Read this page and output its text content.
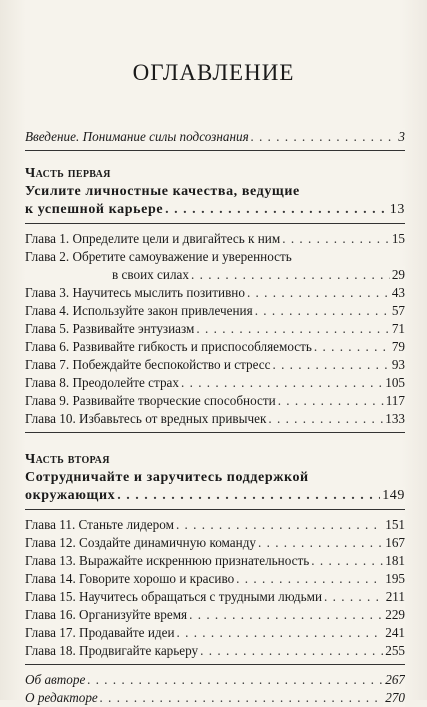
ОГЛАВЛЕНИЕ
Введение. Понимание силы подсознания . . .	3
Часть первая
Усилите личностные качества, ведущие
к успешной карьере . . .	13
Глава 1. Определите цели и двигайтесь к ним . . .	15
Глава 2. Обретите самоуважение и уверенность
в своих силах . . .	29
Глава 3. Научитесь мыслить позитивно . . .	43
Глава 4. Используйте закон привлечения . . .	57
Глава 5. Развивайте энтузиазм . . .	71
Глава 6. Развивайте гибкость и приспособляемость . . .	79
Глава 7. Побеждайте беспокойство и стресс . . .	93
Глава 8. Преодолейте страх . . .	105
Глава 9. Развивайте творческие способности . . .	117
Глава 10. Избавьтесь от вредных привычек . . .	133
Часть вторая
Сотрудничайте и заручитесь поддержкой
окружающих . . .	149
Глава 11. Станьте лидером . . .	151
Глава 12. Создайте динамичную команду . . .	167
Глава 13. Выражайте искреннюю признательность . . .	181
Глава 14. Говорите хорошо и красиво . . .	195
Глава 15. Научитесь обращаться с трудными людьми . . .	211
Глава 16. Организуйте время . . .	229
Глава 17. Продавайте идеи . . .	241
Глава 18. Продвигайте карьеру . . .	255
Об авторе . . .	267
О редакторе . . .	270
